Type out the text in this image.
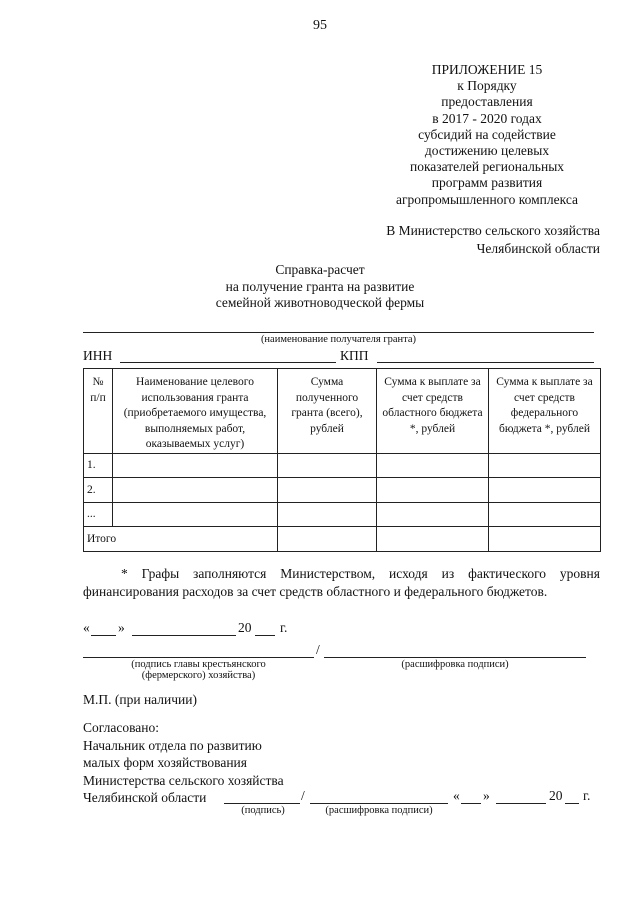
95
ПРИЛОЖЕНИЕ 15
к Порядку
предоставления
в 2017 - 2020 годах
субсидий на содействие
достижению целевых
показателей региональных
программ развития
агропромышленного комплекса
В Министерство сельского хозяйства
Челябинской области
Справка-расчет
на получение гранта на развитие
семейной животноводческой фермы
(наименование получателя гранта)
ИНН	КПП
№ п/п	Наименование целевого использования гранта (приобретаемого имущества, выполняемых работ, оказываемых услуг)	Сумма полученного гранта (всего), рублей	Сумма к выплате за счет средств областного бюджета *, рублей	Сумма к выплате за счет средств федерального бюджета *, рублей
1.				
2.				
...				
Итого				
* Графы заполняются Министерством, исходя из фактического уровня финансирования расходов за счет средств областного и федерального бюджетов.
« »	20 г.
/
(подпись главы крестьянского
(фермерского) хозяйства)
(расшифровка подписи)
М.П. (при наличии)
Согласовано:
Начальник отдела по развитию
малых форм хозяйствования
Министерства сельского хозяйства
Челябинской области	/	« »	20 г.
(подпись)	(расшифровка подписи)
